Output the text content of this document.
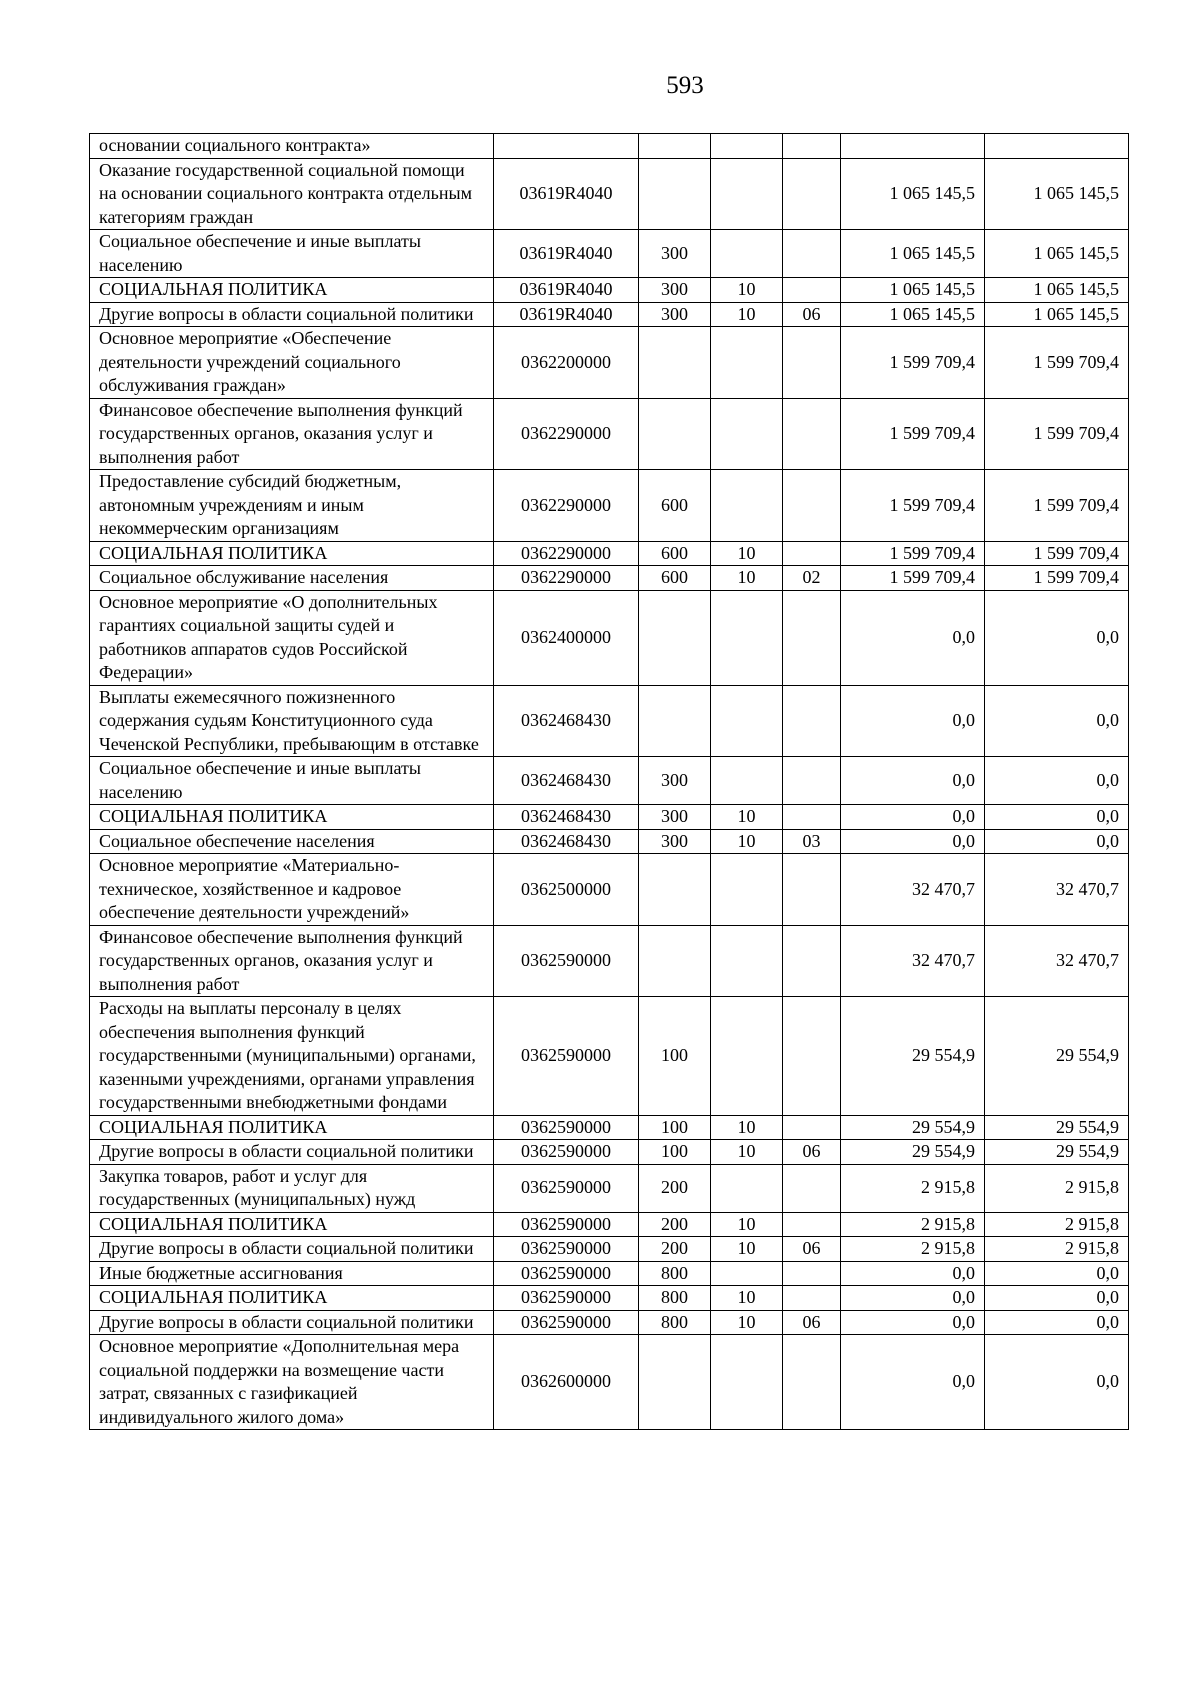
593
основании социального контракта»						
Оказание государственной социальной помощи на основании социального контракта отдельным категориям граждан	03619R4040				1 065 145,5	1 065 145,5
Социальное обеспечение и иные выплаты населению	03619R4040	300			1 065 145,5	1 065 145,5
СОЦИАЛЬНАЯ ПОЛИТИКА	03619R4040	300	10		1 065 145,5	1 065 145,5
Другие вопросы в области социальной политики	03619R4040	300	10	06	1 065 145,5	1 065 145,5
Основное мероприятие «Обеспечение деятельности учреждений социального обслуживания граждан»	0362200000				1 599 709,4	1 599 709,4
Финансовое обеспечение выполнения функций государственных органов, оказания услуг и выполнения работ	0362290000				1 599 709,4	1 599 709,4
Предоставление субсидий бюджетным, автономным учреждениям и иным некоммерческим организациям	0362290000	600			1 599 709,4	1 599 709,4
СОЦИАЛЬНАЯ ПОЛИТИКА	0362290000	600	10		1 599 709,4	1 599 709,4
Социальное обслуживание населения	0362290000	600	10	02	1 599 709,4	1 599 709,4
Основное мероприятие «О дополнительных гарантиях социальной защиты судей и работников аппаратов судов Российской Федерации»	0362400000				0,0	0,0
Выплаты ежемесячного пожизненного содержания судьям Конституционного суда Чеченской Республики, пребывающим в отставке	0362468430				0,0	0,0
Социальное обеспечение и иные выплаты населению	0362468430	300			0,0	0,0
СОЦИАЛЬНАЯ ПОЛИТИКА	0362468430	300	10		0,0	0,0
Социальное обеспечение населения	0362468430	300	10	03	0,0	0,0
Основное мероприятие «Материально-техническое, хозяйственное и кадровое обеспечение деятельности учреждений»	0362500000				32 470,7	32 470,7
Финансовое обеспечение выполнения функций государственных органов, оказания услуг и выполнения работ	0362590000				32 470,7	32 470,7
Расходы на выплаты персоналу в целях обеспечения выполнения функций государственными (муниципальными) органами, казенными учреждениями, органами управления государственными внебюджетными фондами	0362590000	100			29 554,9	29 554,9
СОЦИАЛЬНАЯ ПОЛИТИКА	0362590000	100	10		29 554,9	29 554,9
Другие вопросы в области социальной политики	0362590000	100	10	06	29 554,9	29 554,9
Закупка товаров, работ и услуг для государственных (муниципальных) нужд	0362590000	200			2 915,8	2 915,8
СОЦИАЛЬНАЯ ПОЛИТИКА	0362590000	200	10		2 915,8	2 915,8
Другие вопросы в области социальной политики	0362590000	200	10	06	2 915,8	2 915,8
Иные бюджетные ассигнования	0362590000	800			0,0	0,0
СОЦИАЛЬНАЯ ПОЛИТИКА	0362590000	800	10		0,0	0,0
Другие вопросы в области социальной политики	0362590000	800	10	06	0,0	0,0
Основное мероприятие «Дополнительная мера социальной поддержки на возмещение части затрат, связанных с газификацией индивидуального жилого дома»	0362600000				0,0	0,0
